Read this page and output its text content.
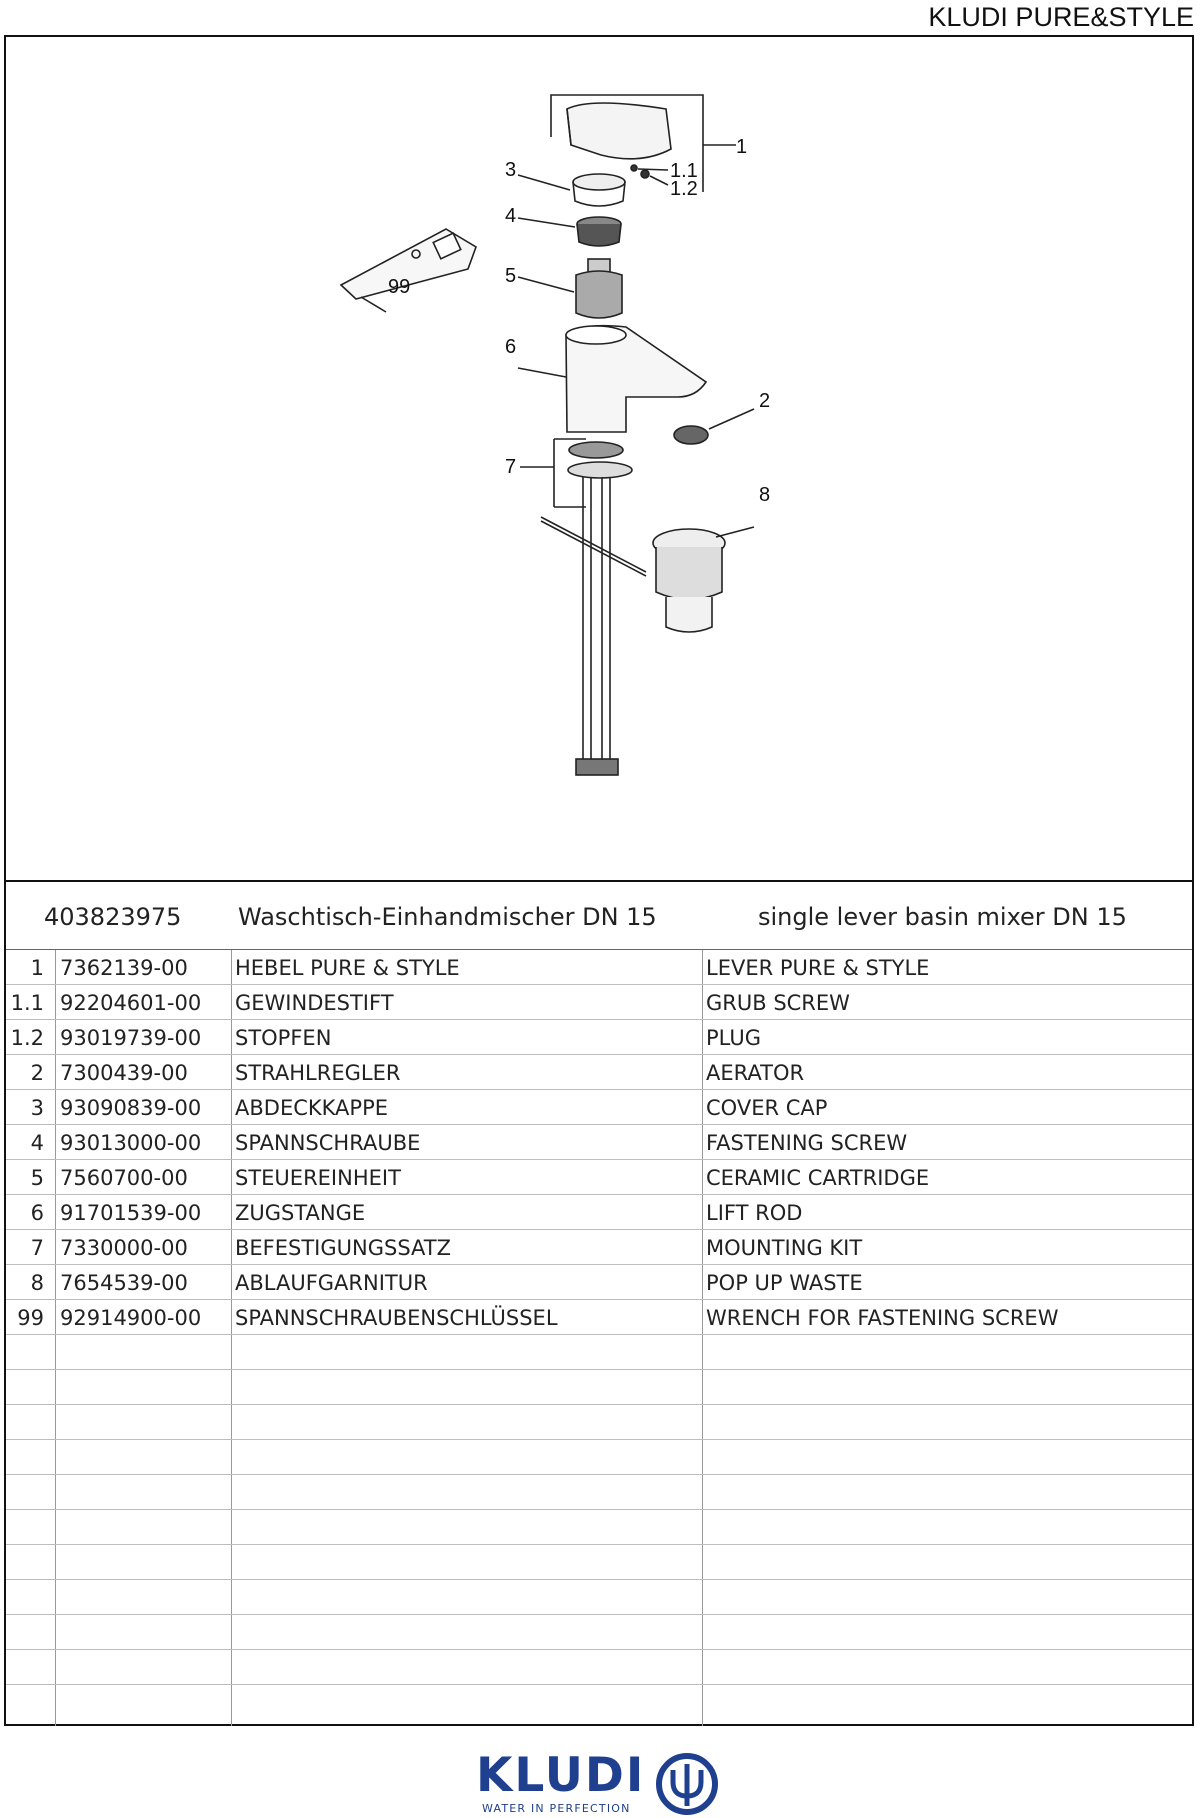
KLUDI PURE&STYLE
1
1.1
1.2
2
3
4
5
6
7
8
99
403823975 Waschtisch-Einhandmischer DN 15	single lever basin mixer DN 15
1 7362139-00	HEBEL PURE & STYLE	LEVER PURE & STYLE
1.1 92204601-00	GEWINDESTIFT	GRUB SCREW
1.2 93019739-00	STOPFEN	PLUG
2 7300439-00	STRAHLREGLER	AERATOR
3 93090839-00	ABDECKKAPPE	COVER CAP
4 93013000-00	SPANNSCHRAUBE	FASTENING SCREW
5 7560700-00	STEUEREINHEIT	CERAMIC CARTRIDGE
6 91701539-00	ZUGSTANGE	LIFT ROD
7 7330000-00	BEFESTIGUNGSSATZ	MOUNTING KIT
8 7654539-00	ABLAUFGARNITUR	POP UP WASTE
99 92914900-00	SPANNSCHRAUBENSCHLÜSSEL	WRENCH FOR FASTENING SCREW
KLUDI
WATER IN PERFECTION
